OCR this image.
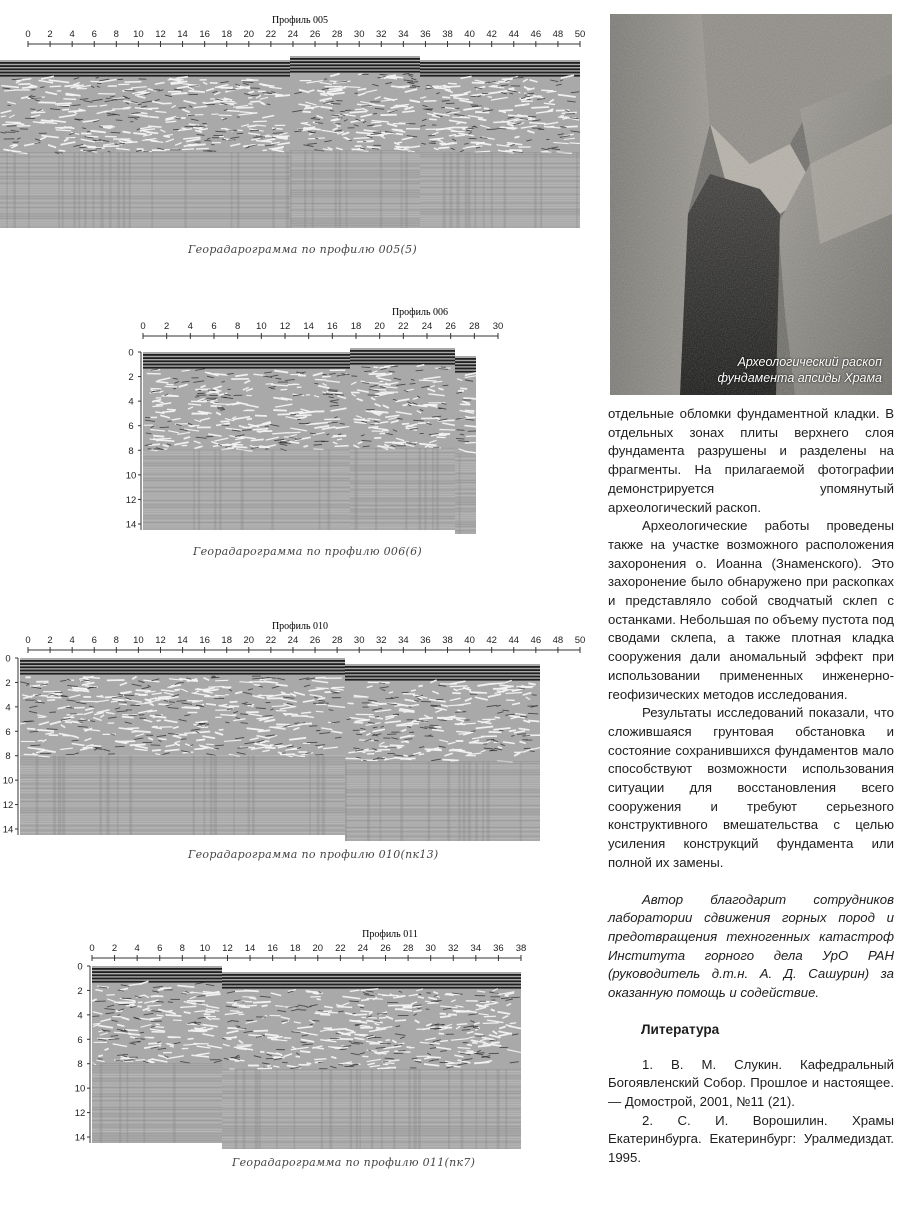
Профиль 005
0 2 4 6 8 10 12 14 16 18 20 22 24 26 28 30 32 34 36 38 40 42 44 46 48 50
Георадарограмма по профилю 005(5)
Профиль 006
0 2 4 6 8 10 12 14 16 18 20 22 24 26 28 30
0
2
4
6
8
10
12
14
Георадарограмма по профилю 006(6)
Профиль 010
0 2 4 6 8 10 12 14 16 18 20 22 24 26 28 30 32 34 36 38 40 42 44 46 48 50
0
2
4
6
8
10
12
14
Георадарограмма по профилю 010(пк13)
Профиль 011
0 2 4 6 8 10 12 14 16 18 20 22 24 26 28 30 32 34 36 38
0
2
4
6
8
10
12
14
Георадарограмма по профилю 011(пк7)
Археологический раскоп
фундамента апсиды Храма

отдельные обломки фундаментной кладки. В отдельных зонах плиты верхнего слоя фундамента разрушены и разделены на фрагменты. На прилагаемой фотографии демонстрируется упомянутый археологический раскоп.

Археологические работы проведены также на участке возможного расположения захоронения о. Иоанна (Знаменского). Это захоронение было обнаружено при раскопках и представляло собой сводчатый склеп с останками. Небольшая по объему пустота под сводами склепа, а также плотная кладка сооружения дали аномальный эффект при использовании примененных инженерно-геофизических методов исследования.

Результаты исследований показали, что сложившаяся грунтовая обстановка и состояние сохранившихся фундаментов мало способствуют возможности использования ситуации для восстановления всего сооружения и требуют серьезного конструктивного вмешательства с целью усиления конструкций фундамента или полной их замены.

Автор благодарит сотрудников лаборатории сдвижения горных пород и предотвращения техногенных катастроф Института горного дела УрО РАН (руководитель д.т.н. А. Д. Сашурин) за оказанную помощь и содействие.

Литература

1. В. М. Слукин. Кафедральный Богоявленский Собор. Прошлое и настоящее. — Домострой, 2001, №11 (21).

2. С. И. Ворошилин. Храмы Екатеринбурга. Екатеринбург: Уралмедиздат. 1995.
